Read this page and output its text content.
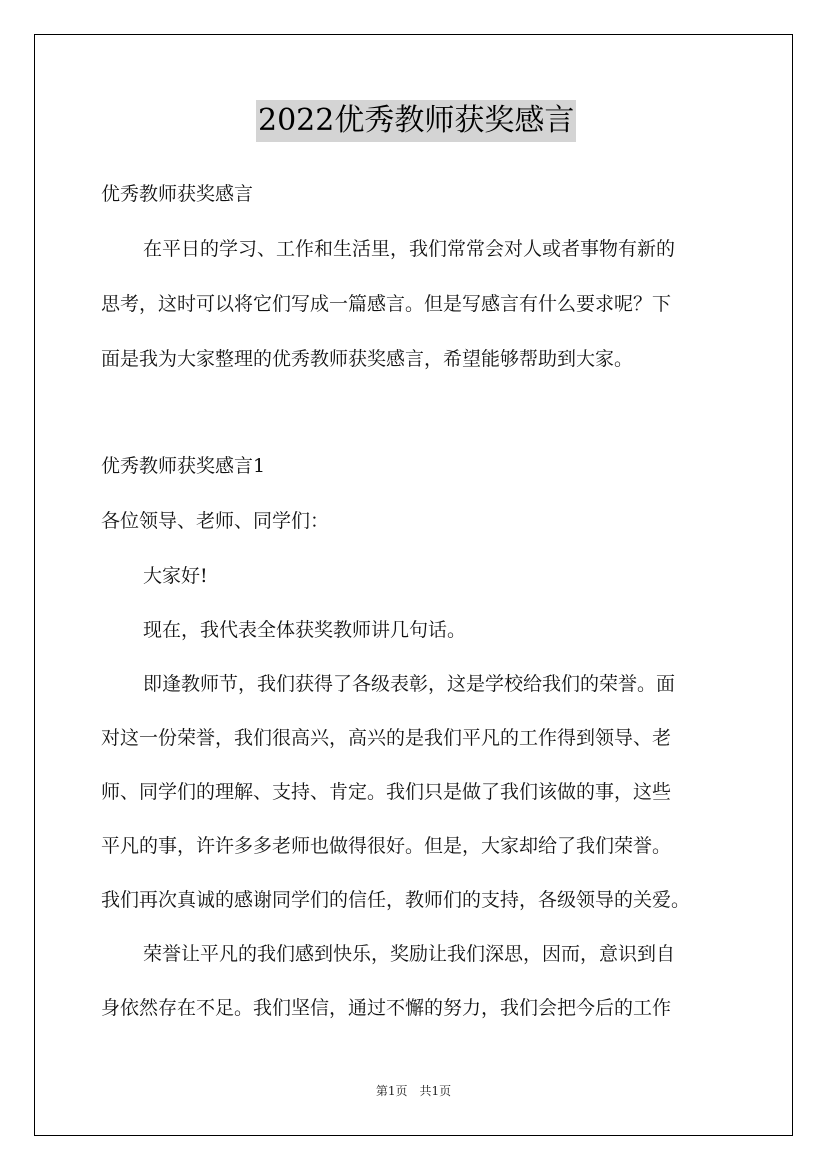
2022优秀教师获奖感言
优秀教师获奖感言
在平日的学习、工作和生活里，我们常常会对人或者事物有新的
思考，这时可以将它们写成一篇感言。但是写感言有什么要求呢？下
面是我为大家整理的优秀教师获奖感言，希望能够帮助到大家。
优秀教师获奖感言1
各位领导、老师、同学们：
大家好!
现在，我代表全体获奖教师讲几句话。
即逢教师节，我们获得了各级表彰，这是学校给我们的荣誉。面
对这一份荣誉，我们很高兴，高兴的是我们平凡的工作得到领导、老
师、同学们的理解、支持、肯定。我们只是做了我们该做的事，这些
平凡的事，许许多多老师也做得很好。但是，大家却给了我们荣誉。
我们再次真诚的感谢同学们的信任，教师们的支持，各级领导的关爱。
荣誉让平凡的我们感到快乐，奖励让我们深思，因而，意识到自
身依然存在不足。我们坚信，通过不懈的努力，我们会把今后的工作
第1页　共1页
